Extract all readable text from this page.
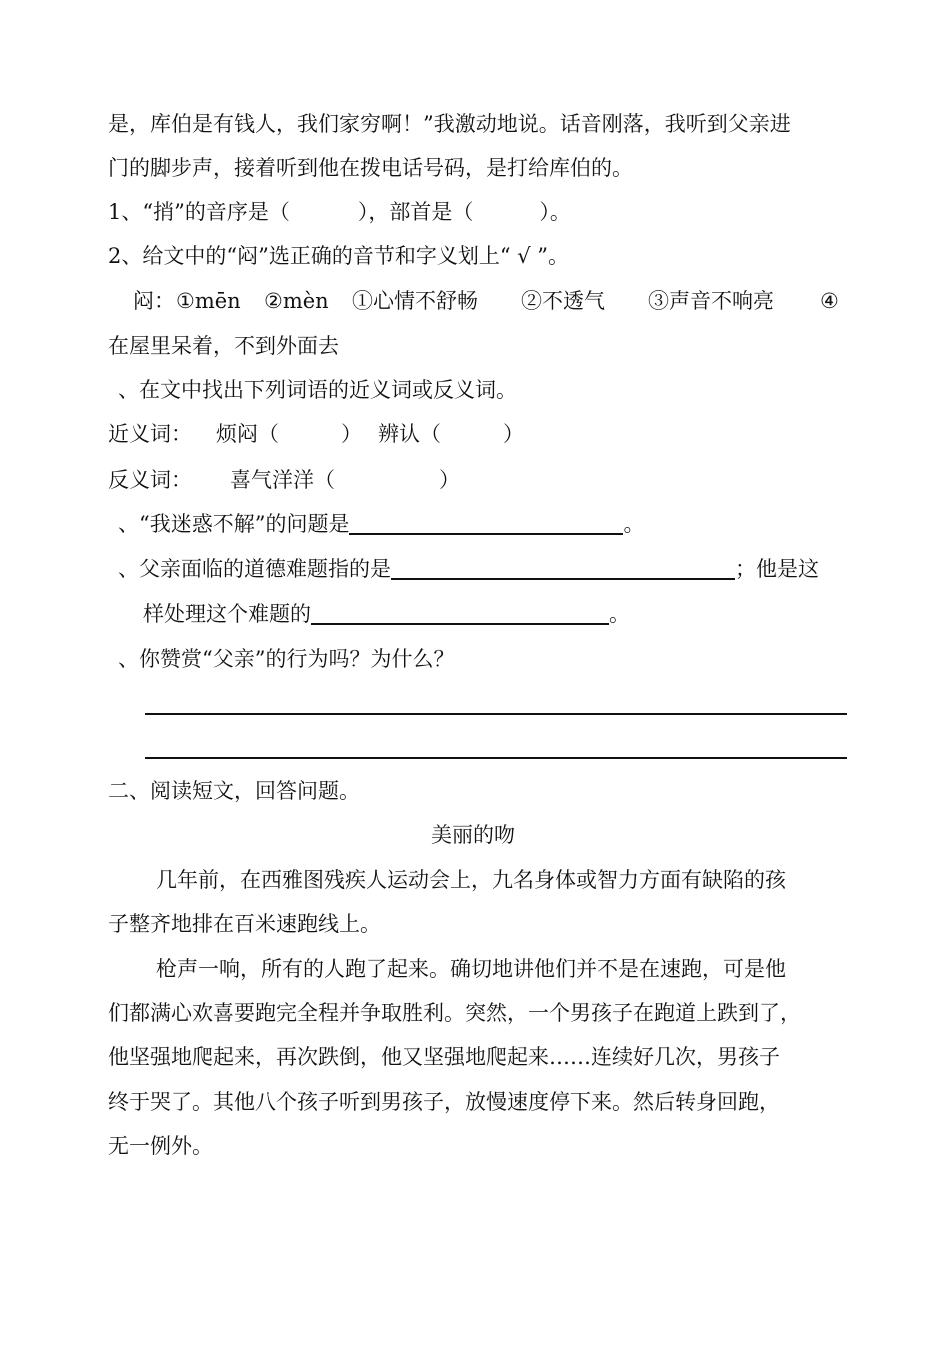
是，库伯是有钱人，我们家穷啊！”我激动地说。话音刚落，我听到父亲进
门的脚步声，接着听到他在拨电话号码，是打给库伯的。
1、“捎”的音序是（	），部首是（	）。
2、给文中的“闷”选正确的音节和字义划上“ √ ”。
闷： ①mēn ②mèn ①心情不舒畅 ②不透气 ③声音不响亮 ④
在屋里呆着，不到外面去
、在文中找出下列词语的近义词或反义词。
近义词： 烦闷（	） 辨认（	）
反义词： 喜气洋洋（	）
、“我迷惑不解”的问题是	。
、父亲面临的道德难题指的是	；他是这
样处理这个难题的	。
、你赞赏“父亲”的行为吗？为什么？
二、阅读短文，回答问题。
美丽的吻
几年前，在西雅图残疾人运动会上，九名身体或智力方面有缺陷的孩
子整齐地排在百米速跑线上。
枪声一响，所有的人跑了起来。确切地讲他们并不是在速跑，可是他
们都满心欢喜要跑完全程并争取胜利。突然，一个男孩子在跑道上跌到了，
他坚强地爬起来，再次跌倒，他又坚强地爬起来……连续好几次，男孩子
终于哭了。其他八个孩子听到男孩子，放慢速度停下来。然后转身回跑，
无一例外。
